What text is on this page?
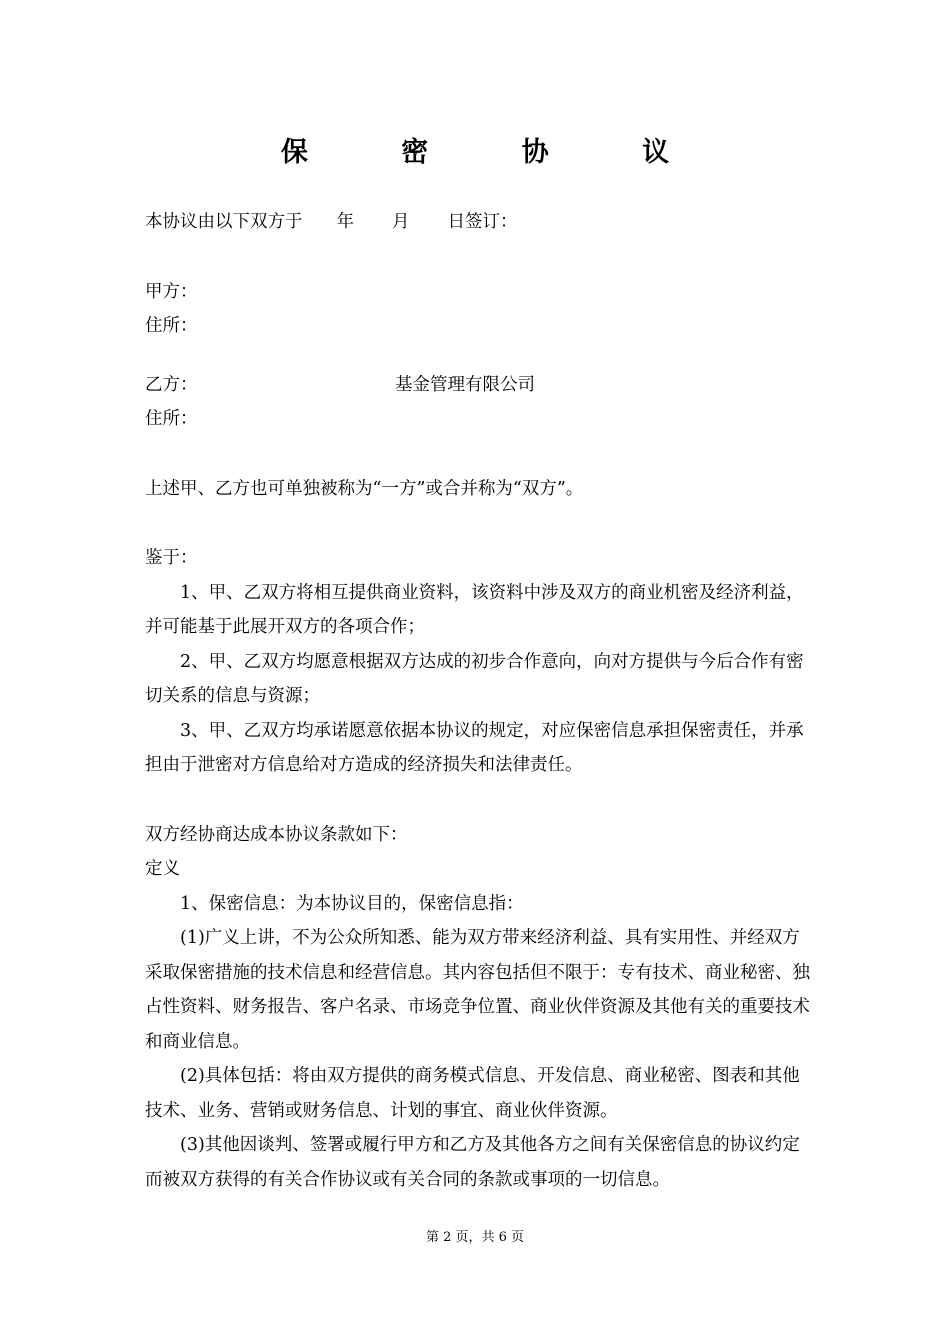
保 密 协 议

本协议由以下双方于 年 月 日签订：

甲方：

住所：

乙方：	基金管理有限公司

住所：

上述甲、乙方也可单独被称为“一方”或合并称为“双方”。

鉴于：

1、甲、乙双方将相互提供商业资料，该资料中涉及双方的商业机密及经济利益，并可能基于此展开双方的各项合作；

2、甲、乙双方均愿意根据双方达成的初步合作意向，向对方提供与今后合作有密切关系的信息与资源；

3、甲、乙双方均承诺愿意依据本协议的规定，对应保密信息承担保密责任，并承担由于泄密对方信息给对方造成的经济损失和法律责任。

双方经协商达成本协议条款如下：

定义

1、保密信息：为本协议目的，保密信息指：

(1)广义上讲，不为公众所知悉、能为双方带来经济利益、具有实用性、并经双方采取保密措施的技术信息和经营信息。其内容包括但不限于：专有技术、商业秘密、独占性资料、财务报告、客户名录、市场竞争位置、商业伙伴资源及其他有关的重要技术和商业信息。

(2)具体包括：将由双方提供的商务模式信息、开发信息、商业秘密、图表和其他技术、业务、营销或财务信息、计划的事宜、商业伙伴资源。

(3)其他因谈判、签署或履行甲方和乙方及其他各方之间有关保密信息的协议约定而被双方获得的有关合作协议或有关合同的条款或事项的一切信息。

第 2 页，共 6 页
